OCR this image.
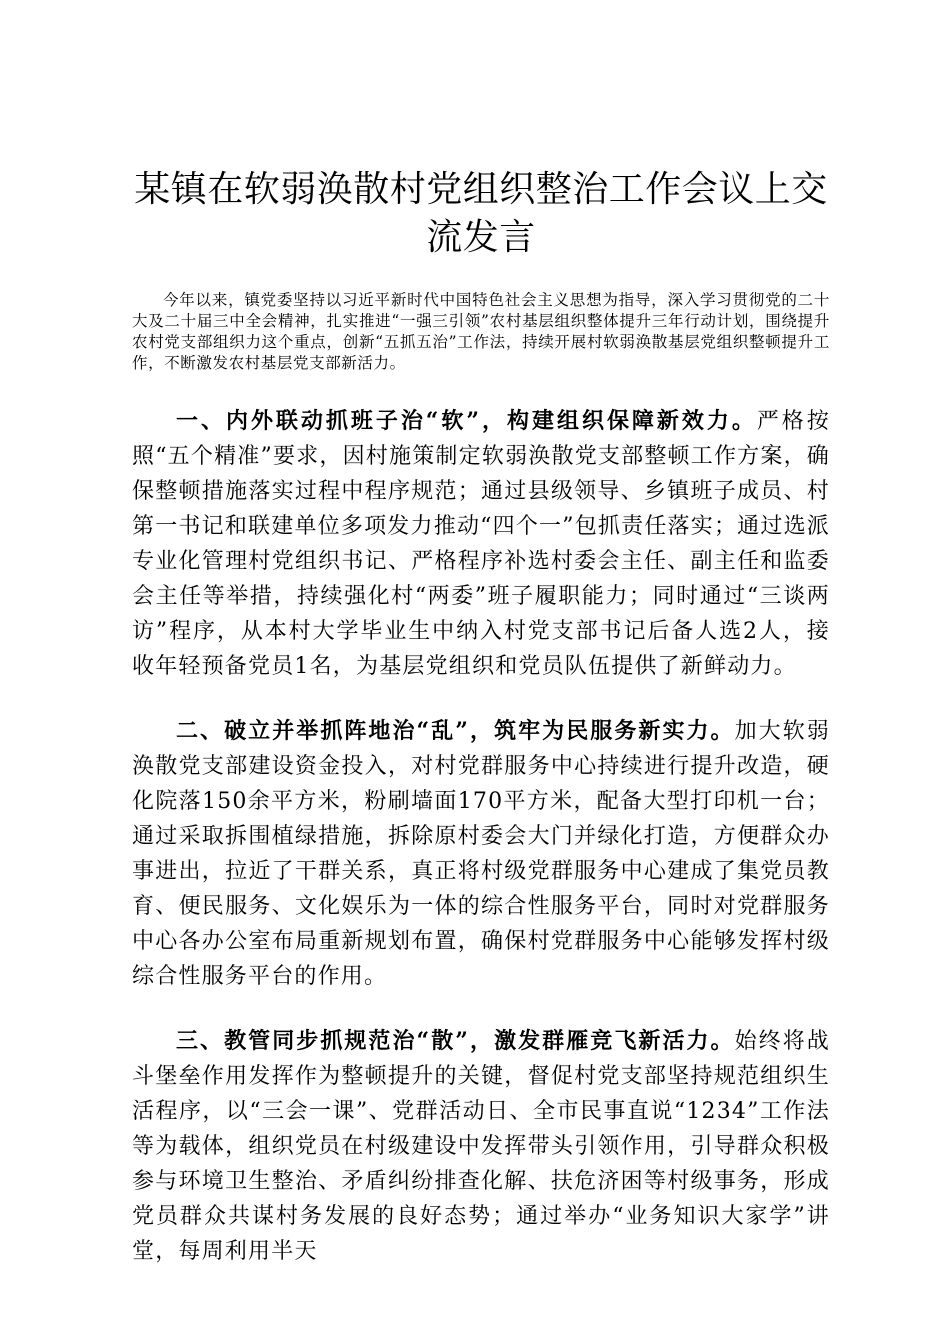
某镇在软弱涣散村党组织整治工作会议上交流发言

今年以来，镇党委坚持以习近平新时代中国特色社会主义思想为指导，深入学习贯彻党的二十大及二十届三中全会精神，扎实推进“一强三引领”农村基层组织整体提升三年行动计划，围绕提升农村党支部组织力这个重点，创新“五抓五治”工作法，持续开展村软弱涣散基层党组织整顿提升工作，不断激发农村基层党支部新活力。

一、内外联动抓班子治“软”，构建组织保障新效力。严格按照“五个精准”要求，因村施策制定软弱涣散党支部整顿工作方案，确保整顿措施落实过程中程序规范；通过县级领导、乡镇班子成员、村第一书记和联建单位多项发力推动“四个一”包抓责任落实；通过选派专业化管理村党组织书记、严格程序补选村委会主任、副主任和监委会主任等举措，持续强化村“两委”班子履职能力；同时通过“三谈两访”程序，从本村大学毕业生中纳入村党支部书记后备人选2人，接收年轻预备党员1名，为基层党组织和党员队伍提供了新鲜动力。

二、破立并举抓阵地治“乱”，筑牢为民服务新实力。加大软弱涣散党支部建设资金投入，对村党群服务中心持续进行提升改造，硬化院落150余平方米，粉刷墙面170平方米，配备大型打印机一台；通过采取拆围植绿措施，拆除原村委会大门并绿化打造，方便群众办事进出，拉近了干群关系，真正将村级党群服务中心建成了集党员教育、便民服务、文化娱乐为一体的综合性服务平台，同时对党群服务中心各办公室布局重新规划布置，确保村党群服务中心能够发挥村级综合性服务平台的作用。

三、教管同步抓规范治“散”，激发群雁竞飞新活力。始终将战斗堡垒作用发挥作为整顿提升的关键，督促村党支部坚持规范组织生活程序，以“三会一课”、党群活动日、全市民事直说“1234”工作法等为载体，组织党员在村级建设中发挥带头引领作用，引导群众积极参与环境卫生整治、矛盾纠纷排查化解、扶危济困等村级事务，形成党员群众共谋村务发展的良好态势；通过举办“业务知识大家学”讲堂，每周利用半天
